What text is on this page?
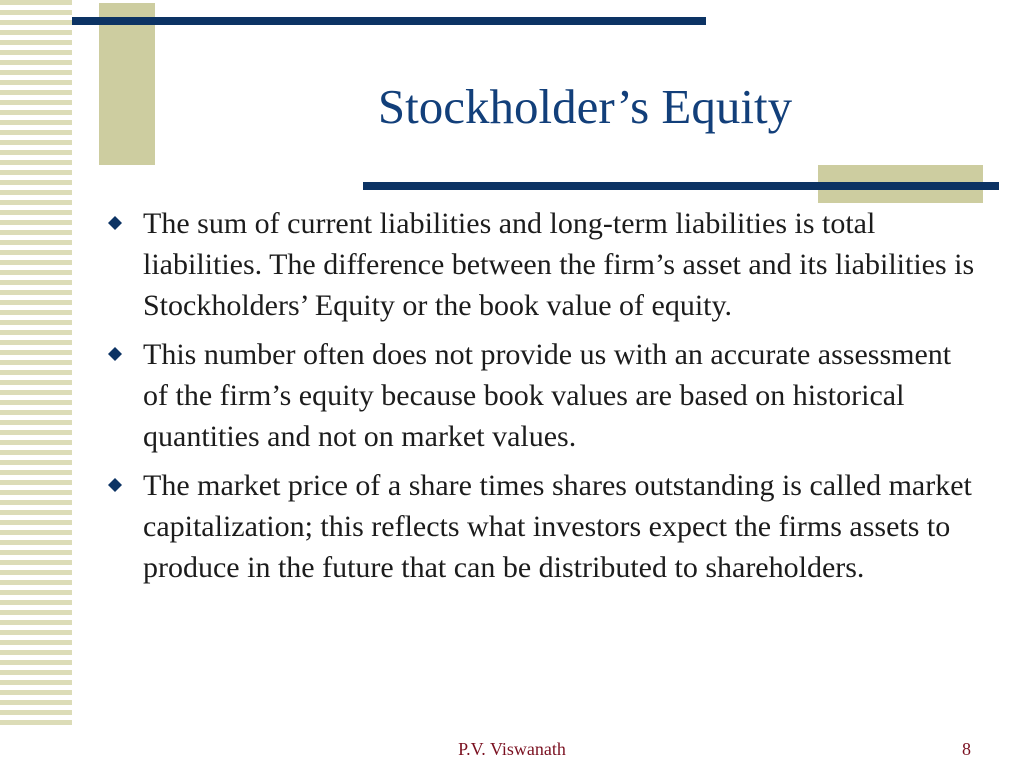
Stockholder’s Equity
The sum of current liabilities and long-term liabilities is total liabilities. The difference between the firm’s asset and its liabilities is Stockholders’ Equity or the book value of equity.
This number often does not provide us with an accurate assessment of the firm’s equity because book values are based on historical quantities and not on market values.
The market price of a share times shares outstanding is called market capitalization; this reflects what investors expect the firms assets to produce in the future that can be distributed to shareholders.
P.V. Viswanath	8
